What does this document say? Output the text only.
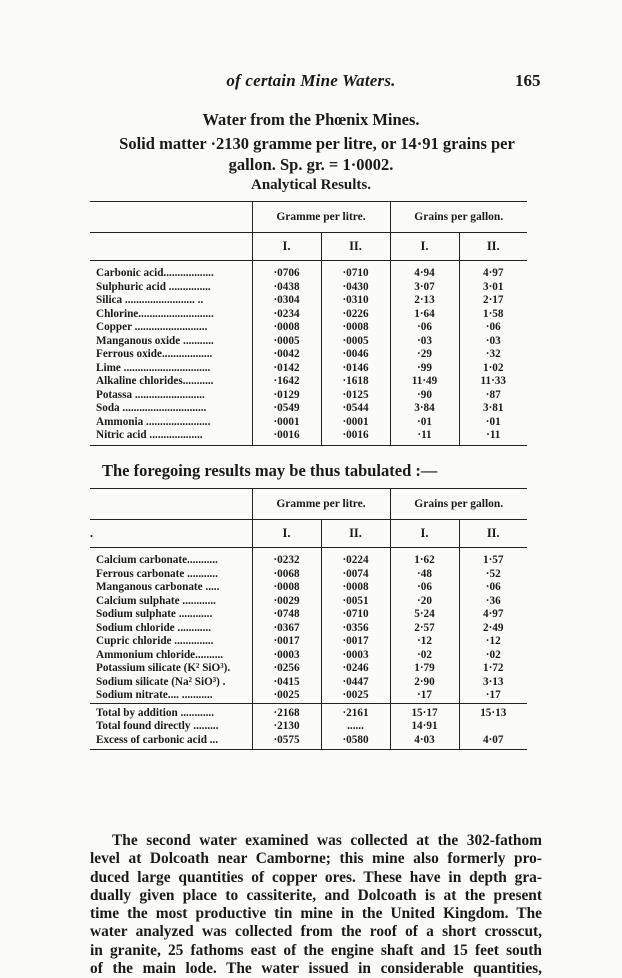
of certain Mine Waters.	165
Water from the Phœnix Mines.
Solid matter ·2130 gramme per litre, or 14·91 grains per
gallon. Sp. gr. = 1·0002.
Analytical Results.
	Gramme per litre.		Grains per gallon.	
	I.	II.	I.	II.
Carbonic acid..................	·0706	·0710	4·94	4·97
Sulphuric acid ...............	·0438	·0430	3·07	3·01
Silica ......................... ..	·0304	·0310	2·13	2·17
Chlorine...........................	·0234	·0226	1·64	1·58
Copper ..........................	·0008	·0008	·06	·06
Manganous oxide ...........	·0005	·0005	·03	·03
Ferrous oxide..................	·0042	·0046	·29	·32
Lime ...............................	·0142	·0146	·99	1·02
Alkaline chlorides...........	·1642	·1618	11·49	11·33
Potassa .........................	·0129	·0125	·90	·87
Soda ..............................	·0549	·0544	3·84	3·81
Ammonia .......................	·0001	·0001	·01	·01
Nitric acid ...................	·0016	·0016	·11	·11
The foregoing results may be thus tabulated :—
	Gramme per litre.		Grains per gallon.	
.	I.	II.	I.	II.
Calcium carbonate...........	·0232	·0224	1·62	1·57
Ferrous carbonate ...........	·0068	·0074	·48	·52
Manganous carbonate .....	·0008	·0008	·06	·06
Calcium sulphate ............	·0029	·0051	·20	·36
Sodium sulphate ............	·0748	·0710	5·24	4·97
Sodium chloride ............	·0367	·0356	2·57	2·49
Cupric chloride ..............	·0017	·0017	·12	·12
Ammonium chloride..........	·0003	·0003	·02	·02
Potassium silicate (K² SiO³).	·0256	·0246	1·79	1·72
Sodium silicate (Na² SiO³) .	·0415	·0447	2·90	3·13
Sodium nitrate.... ...........	·0025	·0025	·17	·17
Total by addition ............	·2168	·2161	15·17	15·13
Total found directly .........	·2130	......	14·91	
Excess of carbonic acid ...	·0575	·0580	4·03	4·07
The second water examined was collected at the 302-fathom
level at Dolcoath near Camborne; this mine also formerly pro-
duced large quantities of copper ores. These have in depth gra-
dually given place to cassiterite, and Dolcoath is at the present
time the most productive tin mine in the United Kingdom. The
water analyzed was collected from the roof of a short crosscut,
in granite, 25 fathoms east of the engine shaft and 15 feet south
of the main lode. The water issued in considerable quantities,
